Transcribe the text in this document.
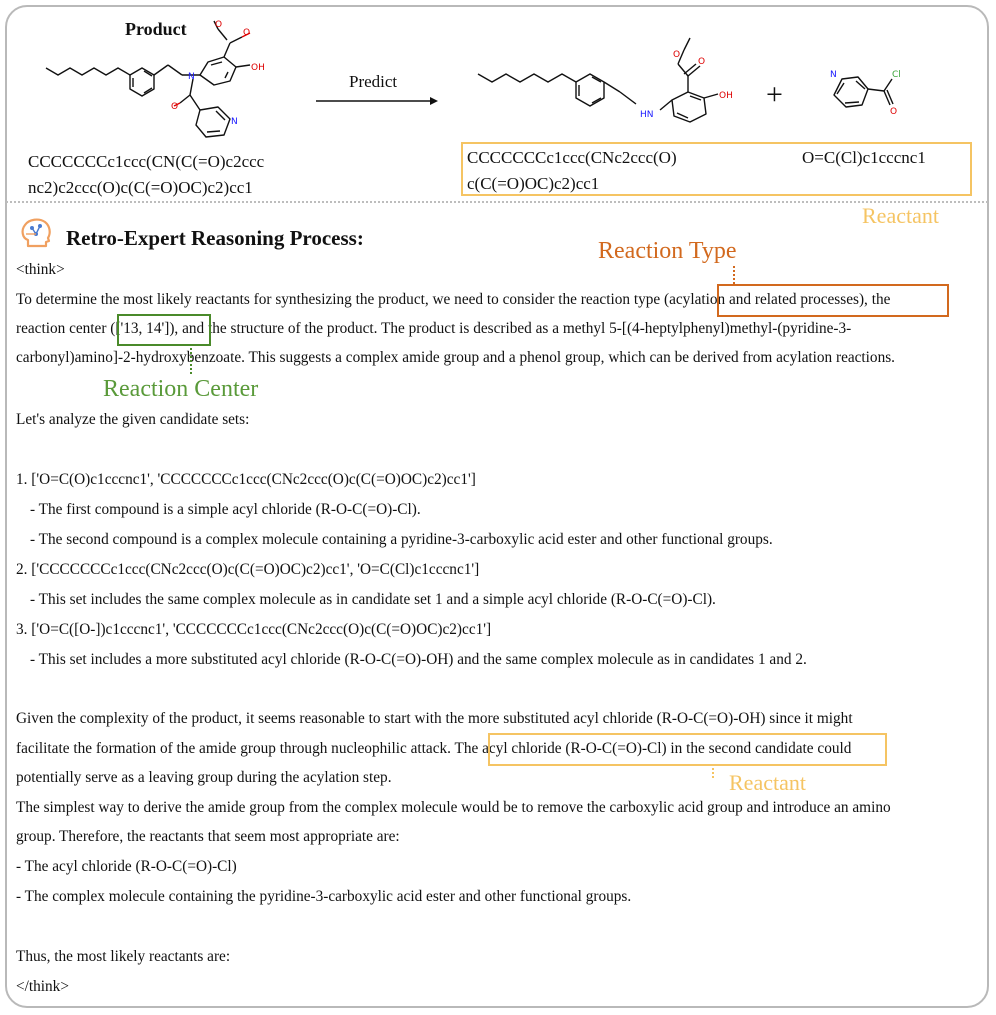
Product	O
O
OH
N
O
N
CCCCCCCc1ccc(CN(C(=O)c2ccc
nc2)c2ccc(O)c(C(=O)OC)c2)cc1
Predict
O
O
OH
HN
+
N	Cl
O
CCCCCCCc1ccc(CNc2ccc(O)
c(C(=O)OC)c2)cc1
O=C(Cl)c1cccnc1
Reactant
Retro-Expert Reasoning Process:	Reaction Type
<think>
To determine the most likely reactants for synthesizing the product, we need to consider the reaction type (acylation and related processes), the
reaction center (['13, 14']), and the structure of the product. The product is described as a methyl 5-[(4-heptylphenyl)methyl-(pyridine-3-
carbonyl)amino]-2-hydroxybenzoate. This suggests a complex amide group and a phenol group, which can be derived from acylation reactions.
Reaction Center
Let's analyze the given candidate sets:
1. ['O=C(O)c1cccnc1', 'CCCCCCCc1ccc(CNc2ccc(O)c(C(=O)OC)c2)cc1']
- The first compound is a simple acyl chloride (R-O-C(=O)-Cl).
- The second compound is a complex molecule containing a pyridine-3-carboxylic acid ester and other functional groups.
2. ['CCCCCCCc1ccc(CNc2ccc(O)c(C(=O)OC)c2)cc1', 'O=C(Cl)c1cccnc1']
- This set includes the same complex molecule as in candidate set 1 and a simple acyl chloride (R-O-C(=O)-Cl).
3. ['O=C([O-])c1cccnc1', 'CCCCCCCc1ccc(CNc2ccc(O)c(C(=O)OC)c2)cc1']
- This set includes a more substituted acyl chloride (R-O-C(=O)-OH) and the same complex molecule as in candidates 1 and 2.
Given the complexity of the product, it seems reasonable to start with the more substituted acyl chloride (R-O-C(=O)-OH) since it might
facilitate the formation of the amide group through nucleophilic attack. The acyl chloride (R-O-C(=O)-Cl) in the second candidate could
Reactant
potentially serve as a leaving group during the acylation step.
The simplest way to derive the amide group from the complex molecule would be to remove the carboxylic acid group and introduce an amino
group. Therefore, the reactants that seem most appropriate are:
- The acyl chloride (R-O-C(=O)-Cl)
- The complex molecule containing the pyridine-3-carboxylic acid ester and other functional groups.
Thus, the most likely reactants are:
</think>
